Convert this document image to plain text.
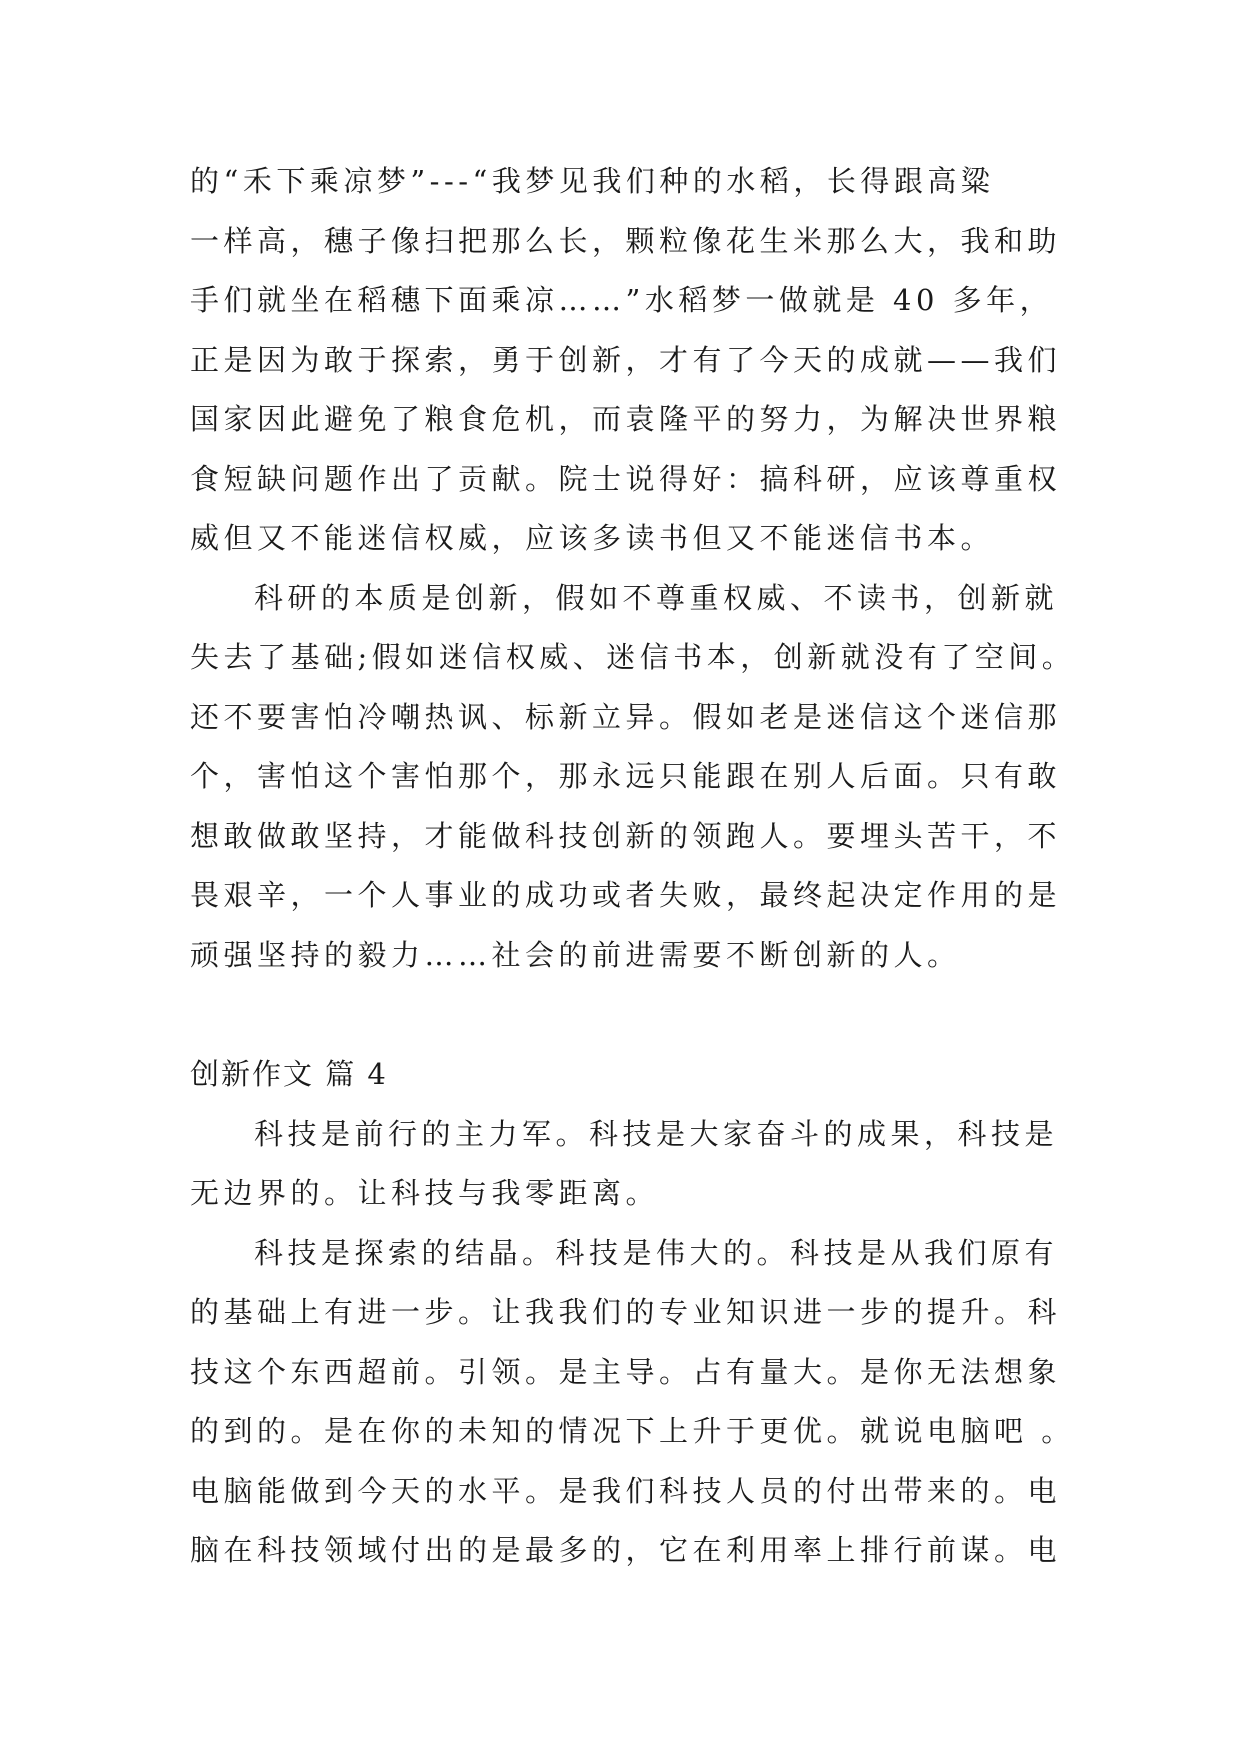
的“禾下乘凉梦”---“我梦见我们种的水稻，长得跟高粱
一样高，穗子像扫把那么长，颗粒像花生米那么大，我和助
手们就坐在稻穗下面乘凉……”水稻梦一做就是 40 多年，
正是因为敢于探索，勇于创新，才有了今天的成就——我们
国家因此避免了粮食危机，而袁隆平的努力，为解决世界粮
食短缺问题作出了贡献。院士说得好：搞科研，应该尊重权
威但又不能迷信权威，应该多读书但又不能迷信书本。
科研的本质是创新，假如不尊重权威、不读书，创新就
失去了基础;假如迷信权威、迷信书本，创新就没有了空间。
还不要害怕冷嘲热讽、标新立异。假如老是迷信这个迷信那
个，害怕这个害怕那个，那永远只能跟在别人后面。只有敢
想敢做敢坚持，才能做科技创新的领跑人。要埋头苦干，不
畏艰辛，一个人事业的成功或者失败，最终起决定作用的是
顽强坚持的毅力……社会的前进需要不断创新的人。
创新作文 篇 4
科技是前行的主力军。科技是大家奋斗的成果，科技是
无边界的。让科技与我零距离。
科技是探索的结晶。科技是伟大的。科技是从我们原有
的基础上有进一步。让我我们的专业知识进一步的提升。科
技这个东西超前。引领。是主导。占有量大。是你无法想象
的到的。是在你的未知的情况下上升于更优。就说电脑吧 。
电脑能做到今天的水平。是我们科技人员的付出带来的。电
脑在科技领域付出的是最多的，它在利用率上排行前谋。电
